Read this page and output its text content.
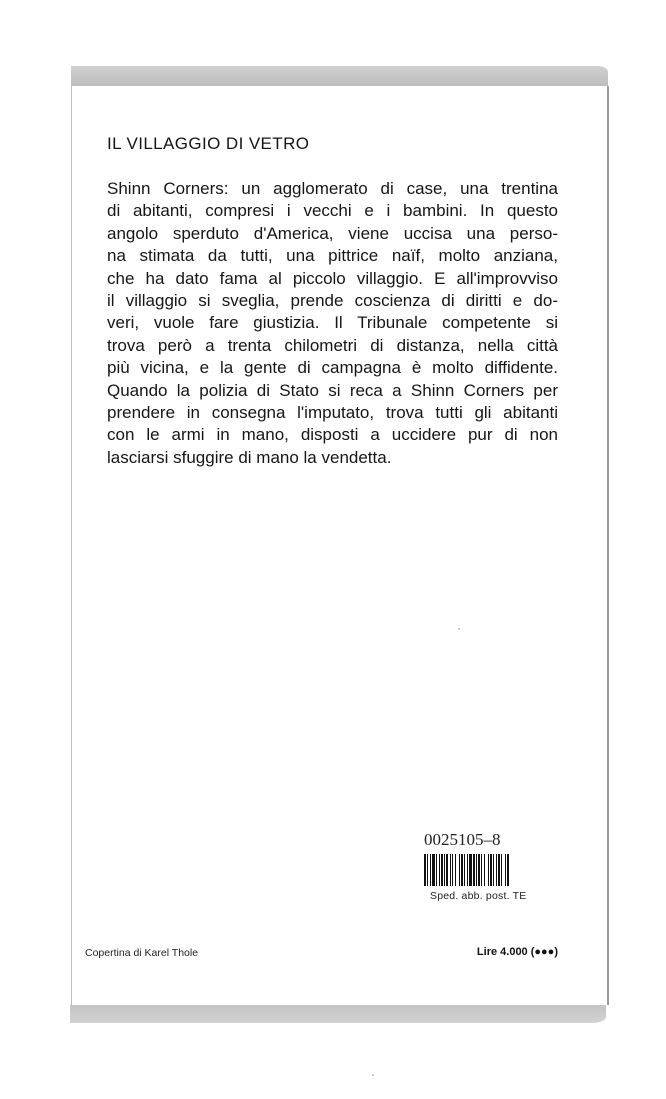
IL VILLAGGIO DI VETRO
Shinn Corners: un agglomerato di case, una trentina
di abitanti, compresi i vecchi e i bambini. In questo
angolo sperduto d'America, viene uccisa una perso-
na stimata da tutti, una pittrice naïf, molto anziana,
che ha dato fama al piccolo villaggio. E all'improvviso
il villaggio si sveglia, prende coscienza di diritti e do-
veri, vuole fare giustizia. Il Tribunale competente si
trova però a trenta chilometri di distanza, nella città
più vicina, e la gente di campagna è molto diffidente.
Quando la polizia di Stato si reca a Shinn Corners per
prendere in consegna l'imputato, trova tutti gli abitanti
con le armi in mano, disposti a uccidere pur di non
lasciarsi sfuggire di mano la vendetta.
0025105–8
Sped. abb. post. TE
Copertina di Karel Thole	Lire 4.000 (●●●)
